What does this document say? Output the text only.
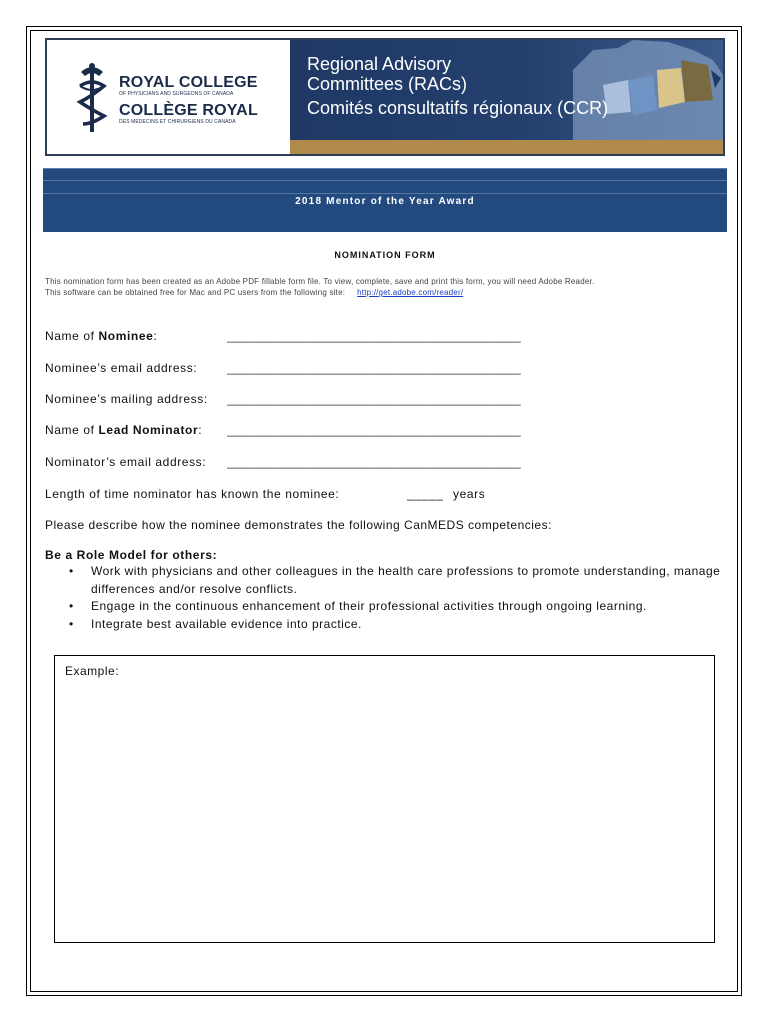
ROYAL COLLEGE
OF PHYSICIANS AND SURGEONS OF CANADA
COLLÈGE ROYAL
DES MÉDECINS ET CHIRURGIENS DU CANADA
Regional Advisory
Committees (RACs)
Comités consultatifs régionaux (CCR)
2018 Mentor of the Year Award
NOMINATION FORM
This nomination form has been created as an Adobe PDF fillable form file. To view, complete, save and print this form, you will need Adobe Reader.
This software can be obtained free for Mac and PC users from the following site: http://get.adobe.com/reader/
Name of Nominee:	____________________________________________
Nominee’s email address: ____________________________________________
Nominee’s mailing address: ____________________________________________
Name of Lead Nominator: ____________________________________________
Nominator’s email address: ____________________________________________
Length of time nominator has known the nominee:	_____ years
Please describe how the nominee demonstrates the following CanMEDS competencies:
Be a Role Model for others:
• Work with physicians and other colleagues in the health care professions to promote understanding, manage differences and/or resolve conflicts.
• Engage in the continuous enhancement of their professional activities through ongoing learning.
• Integrate best available evidence into practice.
Example:
